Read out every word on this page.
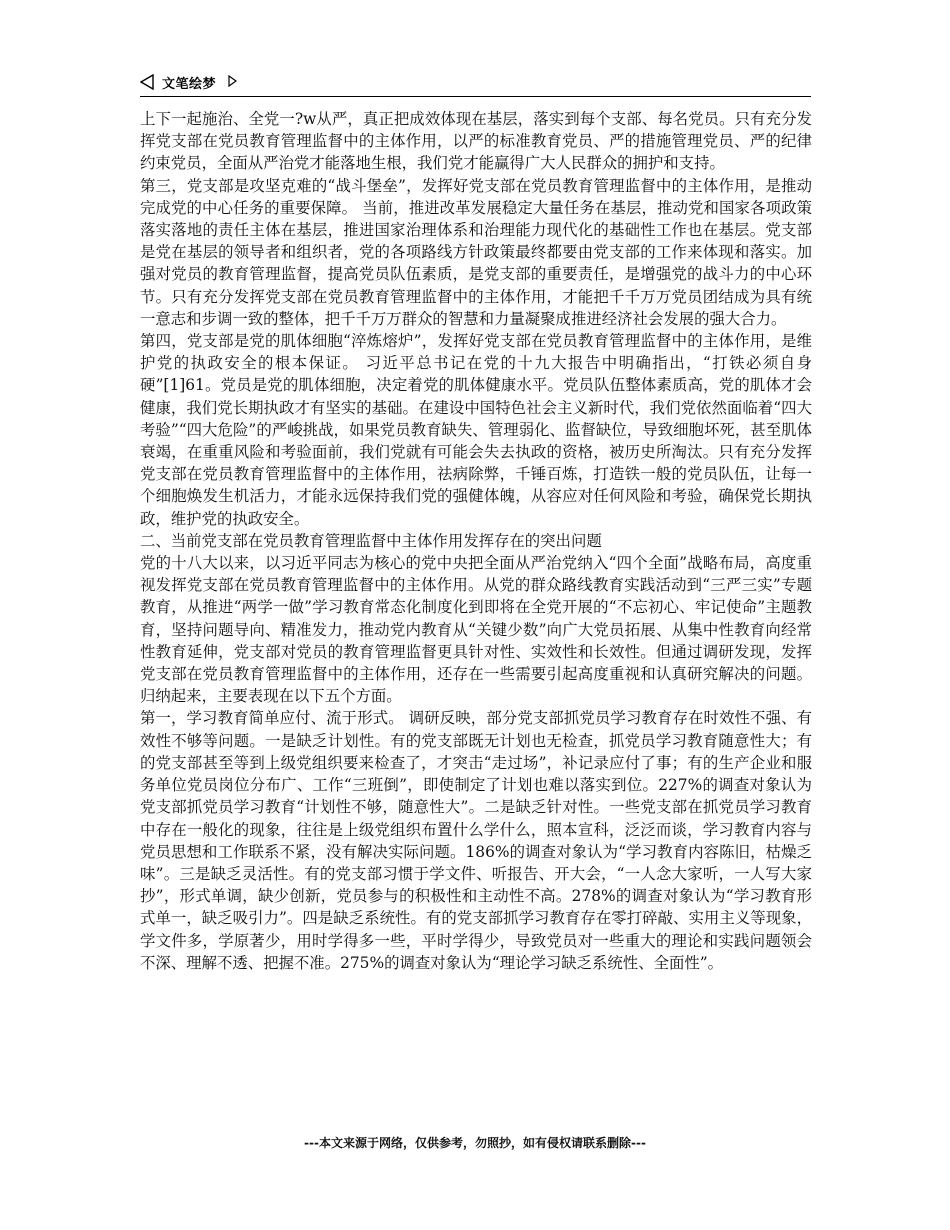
文笔绘梦

上下一起施治、全党一?w从严，真正把成效体现在基层，落实到每个支部、每名党员。只有充分发挥党支部在党员教育管理监督中的主体作用，以严的标准教育党员、严的措施管理党员、严的纪律约束党员，全面从严治党才能落地生根，我们党才能赢得广大人民群众的拥护和支持。

第三，党支部是攻坚克难的“战斗堡垒”，发挥好党支部在党员教育管理监督中的主体作用，是推动完成党的中心任务的重要保障。 当前，推进改革发展稳定大量任务在基层，推动党和国家各项政策落实落地的责任主体在基层，推进国家治理体系和治理能力现代化的基础性工作也在基层。党支部是党在基层的领导者和组织者，党的各项路线方针政策最终都要由党支部的工作来体现和落实。加强对党员的教育管理监督，提高党员队伍素质，是党支部的重要责任，是增强党的战斗力的中心环节。只有充分发挥党支部在党员教育管理监督中的主体作用，才能把千千万万党员团结成为具有统一意志和步调一致的整体，把千千万万群众的智慧和力量凝聚成推进经济社会发展的强大合力。

第四，党支部是党的肌体细胞“淬炼熔炉”，发挥好党支部在党员教育管理监督中的主体作用，是维护党的执政安全的根本保证。 习近平总书记在党的十九大报告中明确指出，“打铁必须自身硬”[1]61。党员是党的肌体细胞，决定着党的肌体健康水平。党员队伍整体素质高，党的肌体才会健康，我们党长期执政才有坚实的基础。在建设中国特色社会主义新时代，我们党依然面临着“四大考验”“四大危险”的严峻挑战，如果党员教育缺失、管理弱化、监督缺位，导致细胞坏死，甚至肌体衰竭，在重重风险和考验面前，我们党就有可能会失去执政的资格，被历史所淘汰。只有充分发挥党支部在党员教育管理监督中的主体作用，祛病除弊，千锤百炼，打造铁一般的党员队伍，让每一个细胞焕发生机活力，才能永远保持我们党的强健体魄，从容应对任何风险和考验，确保党长期执政，维护党的执政安全。

二、当前党支部在党员教育管理监督中主体作用发挥存在的突出问题

党的十八大以来，以习近平同志为核心的党中央把全面从严治党纳入“四个全面”战略布局，高度重视发挥党支部在党员教育管理监督中的主体作用。从党的群众路线教育实践活动到“三严三实”专题教育，从推进“两学一做”学习教育常态化制度化到即将在全党开展的“不忘初心、牢记使命”主题教育，坚持问题导向、精准发力，推动党内教育从“关键少数”向广大党员拓展、从集中性教育向经常性教育延伸，党支部对党员的教育管理监督更具针对性、实效性和长效性。但通过调研发现，发挥党支部在党员教育管理监督中的主体作用，还存在一些需要引起高度重视和认真研究解决的问题。归纳起来，主要表现在以下五个方面。

第一，学习教育简单应付、流于形式。 调研反映，部分党支部抓党员学习教育存在时效性不强、有效性不够等问题。一是缺乏计划性。有的党支部既无计划也无检查，抓党员学习教育随意性大；有的党支部甚至等到上级党组织要来检查了，才突击“走过场”，补记录应付了事；有的生产企业和服务单位党员岗位分布广、工作“三班倒”，即使制定了计划也难以落实到位。227%的调查对象认为党支部抓党员学习教育“计划性不够，随意性大”。二是缺乏针对性。一些党支部在抓党员学习教育中存在一般化的现象，往往是上级党组织布置什么学什么，照本宣科，泛泛而谈，学习教育内容与党员思想和工作联系不紧，没有解决实际问题。186%的调查对象认为“学习教育内容陈旧，枯燥乏味”。三是缺乏灵活性。有的党支部习惯于学文件、听报告、开大会，“一人念大家听，一人写大家抄”，形式单调，缺少创新，党员参与的积极性和主动性不高。278%的调查对象认为“学习教育形式单一，缺乏吸引力”。四是缺乏系统性。有的党支部抓学习教育存在零打碎敲、实用主义等现象，学文件多，学原著少，用时学得多一些，平时学得少，导致党员对一些重大的理论和实践问题领会不深、理解不透、把握不准。275%的调查对象认为“理论学习缺乏系统性、全面性”。

---本文来源于网络，仅供参考，勿照抄，如有侵权请联系删除---
